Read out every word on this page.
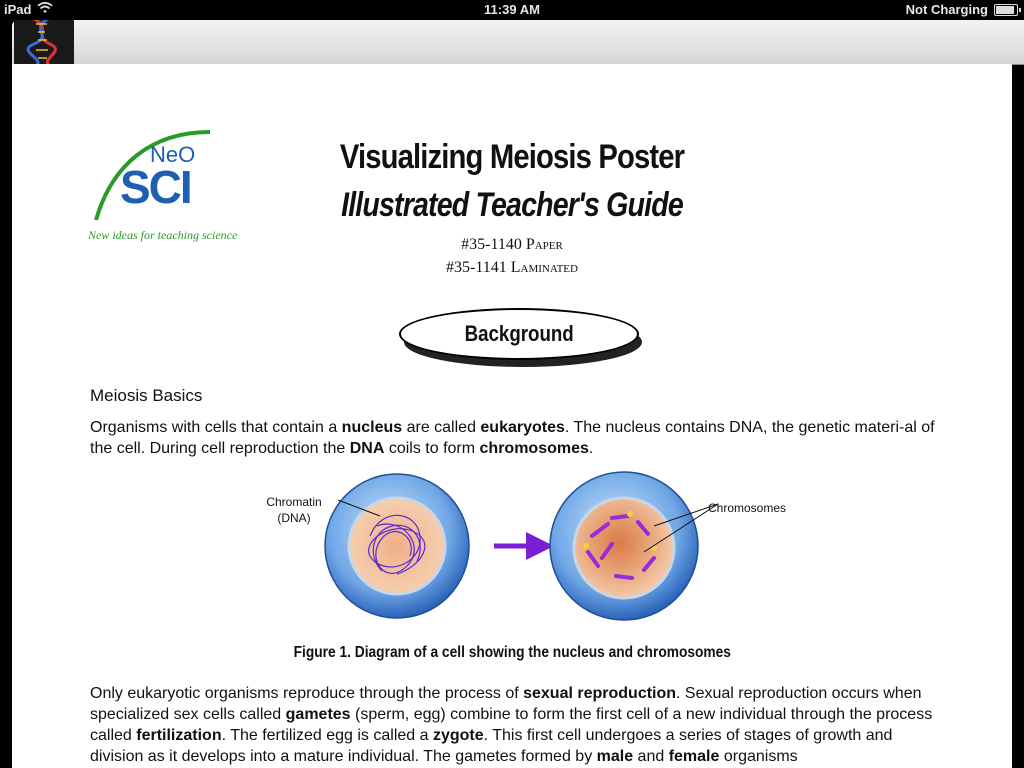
iPad	11:39 AM	Not Charging
NeO
SCI
New ideas for teaching science
Visualizing Meiosis Poster
Illustrated Teacher's Guide
#35-1140 Paper
#35-1141 Laminated
Background
Meiosis Basics
Organisms with cells that contain a nucleus are called eukaryotes. The nucleus contains DNA, the genetic materi-al of the cell. During cell reproduction the DNA coils to form chromosomes.
Chromatin
(DNA)
Chromosomes
Figure 1. Diagram of a cell showing the nucleus and chromosomes
Only eukaryotic organisms reproduce through the process of sexual reproduction. Sexual reproduction occurs when specialized sex cells called gametes (sperm, egg) combine to form the first cell of a new individual through the process called fertilization. The fertilized egg is called a zygote. This first cell undergoes a series of stages of growth and division as it develops into a mature individual. The gametes formed by male and female organisms
